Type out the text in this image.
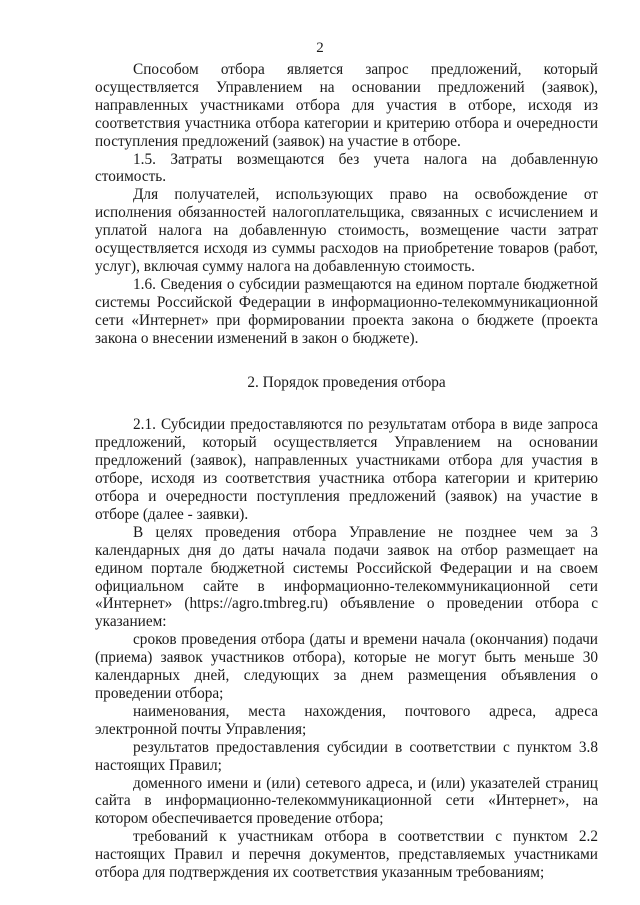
2

Способом отбора является запрос предложений, который осуществляется Управлением на основании предложений (заявок), направленных участниками отбора для участия в отборе, исходя из соответствия участника отбора категории и критерию отбора и очередности поступления предложений (заявок) на участие в отборе.

1.5. Затраты возмещаются без учета налога на добавленную стоимость.

Для получателей, использующих право на освобождение от исполнения обязанностей налогоплательщика, связанных с исчислением и уплатой налога на добавленную стоимость, возмещение части затрат осуществляется исходя из суммы расходов на приобретение товаров (работ, услуг), включая сумму налога на добавленную стоимость.

1.6. Сведения о субсидии размещаются на едином портале бюджетной системы Российской Федерации в информационно-телекоммуникационной сети «Интернет» при формировании проекта закона о бюджете (проекта закона о внесении изменений в закон о бюджете).

2. Порядок проведения отбора

2.1. Субсидии предоставляются по результатам отбора в виде запроса предложений, который осуществляется Управлением на основании предложений (заявок), направленных участниками отбора для участия в отборе, исходя из соответствия участника отбора категории и критерию отбора и очередности поступления предложений (заявок) на участие в отборе (далее - заявки).

В целях проведения отбора Управление не позднее чем за 3 календарных дня до даты начала подачи заявок на отбор размещает на едином портале бюджетной системы Российской Федерации и на своем официальном сайте в информационно-телекоммуникационной сети «Интернет» (https://agro.tmbreg.ru) объявление о проведении отбора с указанием:

сроков проведения отбора (даты и времени начала (окончания) подачи (приема) заявок участников отбора), которые не могут быть меньше 30 календарных дней, следующих за днем размещения объявления о проведении отбора;

наименования, места нахождения, почтового адреса, адреса электронной почты Управления;

результатов предоставления субсидии в соответствии с пунктом 3.8 настоящих Правил;

доменного имени и (или) сетевого адреса, и (или) указателей страниц сайта в информационно-телекоммуникационной сети «Интернет», на котором обеспечивается проведение отбора;

требований к участникам отбора в соответствии с пунктом 2.2 настоящих Правил и перечня документов, представляемых участниками отбора для подтверждения их соответствия указанным требованиям;
